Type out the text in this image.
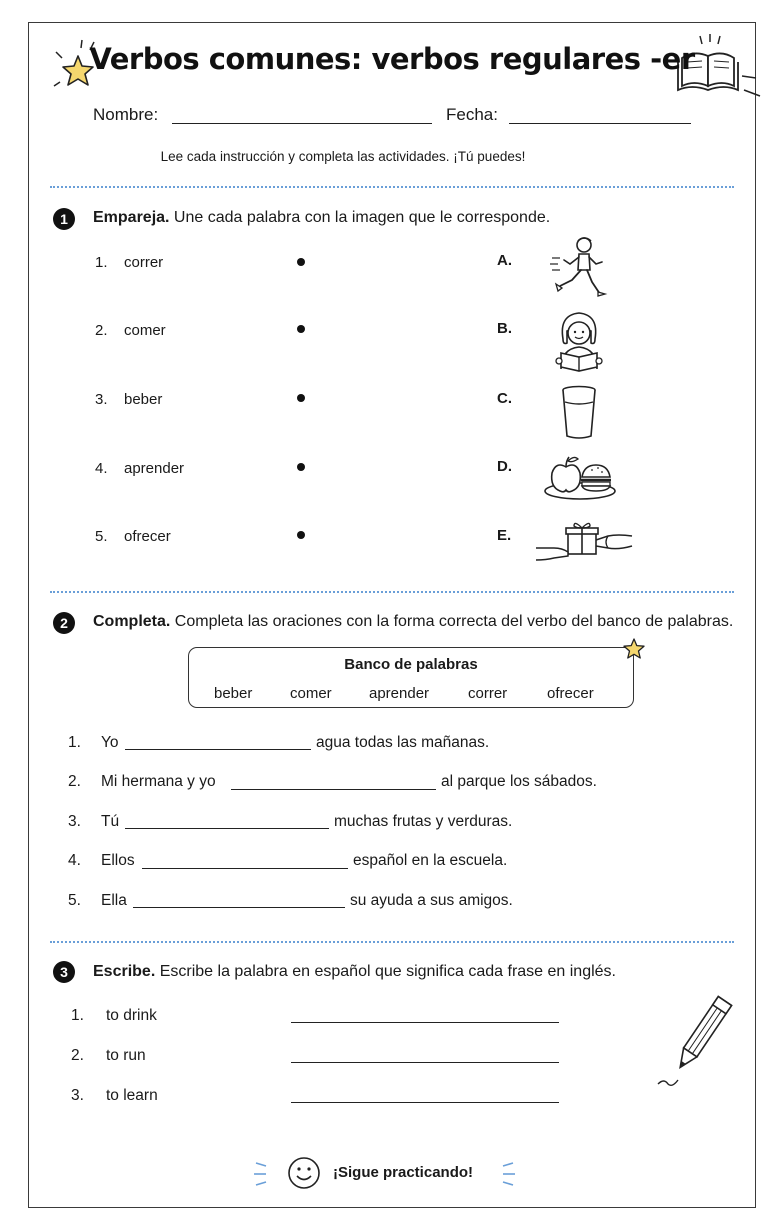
Verbos comunes: verbos regulares -er
Nombre:	Fecha:
Lee cada instrucción y completa las actividades. ¡Tú puedes!
1	Empareja. Une cada palabra con la imagen que le corresponde.
1. correr	A.
2. comer	B.
3. beber	C.
4. aprender	D.
5. ofrecer	E.
2	Completa. Completa las oraciones con la forma correcta del verbo del banco de palabras.
Banco de palabras
beber	comer aprender	correr	ofrecer
1. Yo	agua todas las mañanas.
2. Mi hermana y yo	al parque los sábados.
3. Tú	muchas frutas y verduras.
4. Ellos	español en la escuela.
5. Ella	su ayuda a sus amigos.
3	Escribe. Escribe la palabra en español que significa cada frase en inglés.
1. to drink
2. to run
3. to learn
¡Sigue practicando!
